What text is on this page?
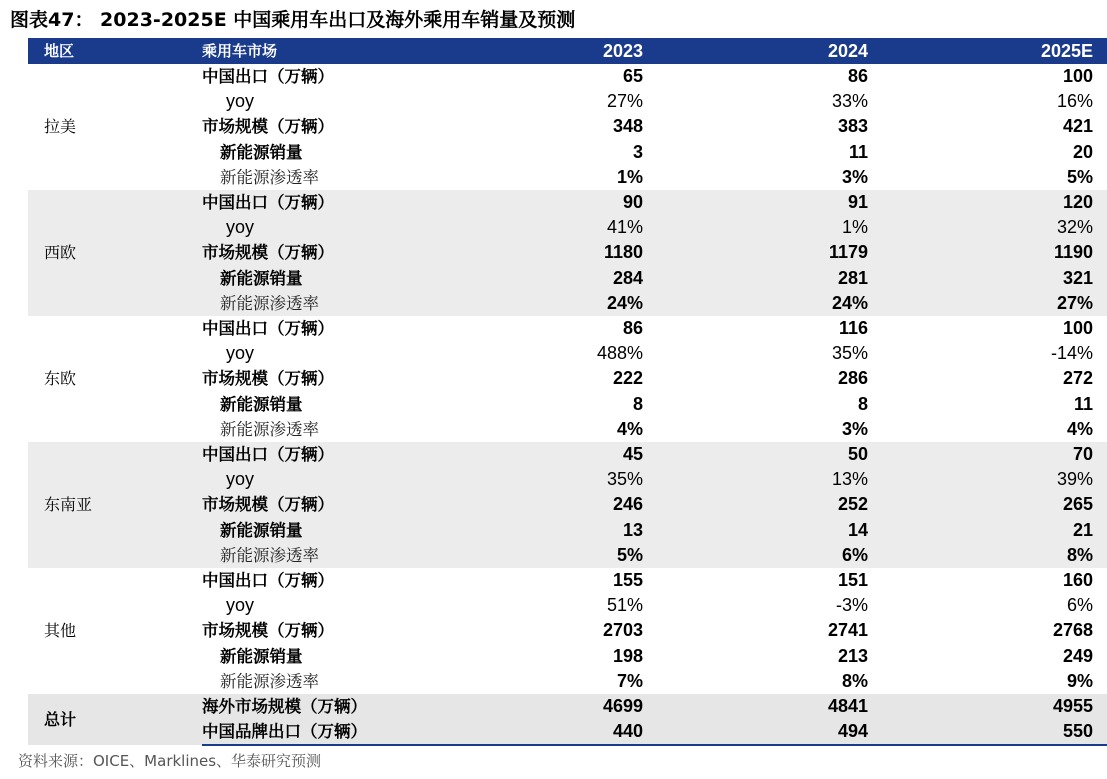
图表47： 2023-2025E 中国乘用车出口及海外乘用车销量及预测
地区	乘用车市场	2023	2024	2025E
拉美	中国出口（万辆）	65	86	100
	yoy	27%	33%	16%
	市场规模（万辆）	348	383	421
	新能源销量	3	11	20
	新能源渗透率	1%	3%	5%
西欧	中国出口（万辆）	90	91	120
	yoy	41%	1%	32%
	市场规模（万辆）	1180	1179	1190
	新能源销量	284	281	321
	新能源渗透率	24%	24%	27%
东欧	中国出口（万辆）	86	116	100
	yoy	488%	35%	-14%
	市场规模（万辆）	222	286	272
	新能源销量	8	8	11
	新能源渗透率	4%	3%	4%
东南亚	中国出口（万辆）	45	50	70
	yoy	35%	13%	39%
	市场规模（万辆）	246	252	265
	新能源销量	13	14	21
	新能源渗透率	5%	6%	8%
其他	中国出口（万辆）	155	151	160
	yoy	51%	-3%	6%
	市场规模（万辆）	2703	2741	2768
	新能源销量	198	213	249
	新能源渗透率	7%	8%	9%
总计	海外市场规模（万辆）	4699	4841	4955
	中国品牌出口（万辆）	440	494	550
资料来源：OICE、Marklines、华泰研究预测
